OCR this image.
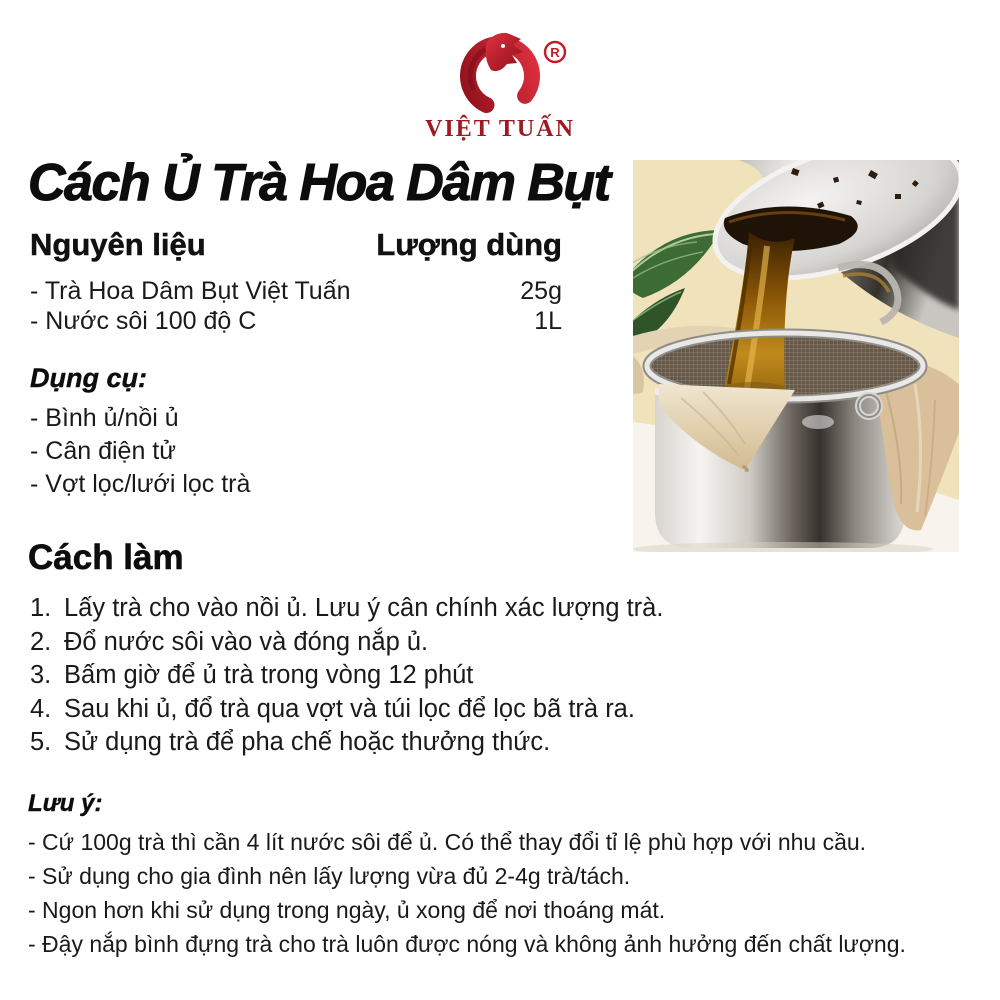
R
VIỆT TUẤN
Cách Ủ Trà Hoa Dâm Bụt
Nguyên liệu	Lượng dùng
- Trà Hoa Dâm Bụt Việt Tuấn	25g
- Nước sôi 100 độ C	1L
Dụng cụ:
- Bình ủ/nồi ủ
- Cân điện tử
- Vợt lọc/lưới lọc trà
Cách làm
1. Lấy trà cho vào nồi ủ. Lưu ý cân chính xác lượng trà.
2. Đổ nước sôi vào và đóng nắp ủ.
3. Bấm giờ để ủ trà trong vòng 12 phút
4. Sau khi ủ, đổ trà qua vợt và túi lọc để lọc bã trà ra.
5. Sử dụng trà để pha chế hoặc thưởng thức.
Lưu ý:
- Cứ 100g trà thì cần 4 lít nước sôi để ủ. Có thể thay đổi tỉ lệ phù hợp với nhu cầu.
- Sử dụng cho gia đình nên lấy lượng vừa đủ 2-4g trà/tách.
- Ngon hơn khi sử dụng trong ngày, ủ xong để nơi thoáng mát.
- Đậy nắp bình đựng trà cho trà luôn được nóng và không ảnh hưởng đến chất lượng.
